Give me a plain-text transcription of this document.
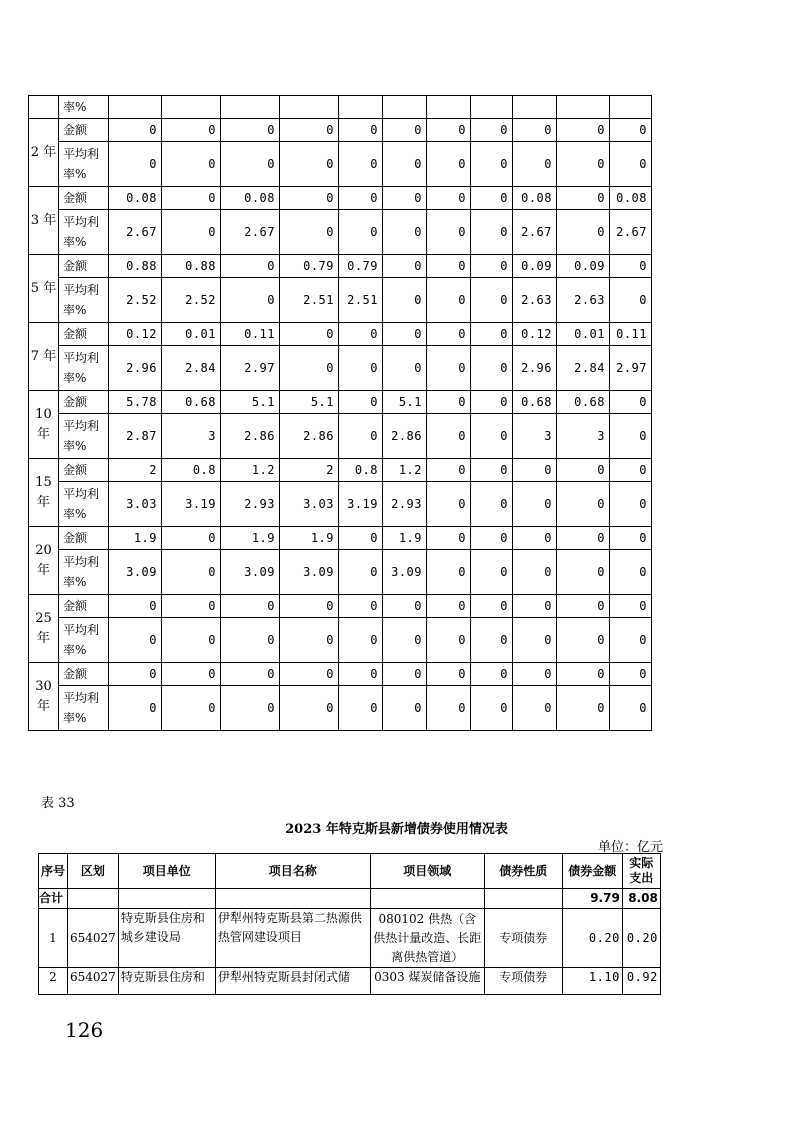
	率%											
2 年	金额	0	0	0	0	0	0	0	0	0	0	0
	平均利率%	0	0	0	0	0	0	0	0	0	0	0
3 年	金额	0.08	0	0.08	0	0	0	0	0	0.08	0	0.08
	平均利率%	2.67	0	2.67	0	0	0	0	0	2.67	0	2.67
5 年	金额	0.88	0.88	0	0.79	0.79	0	0	0	0.09	0.09	0
	平均利率%	2.52	2.52	0	2.51	2.51	0	0	0	2.63	2.63	0
7 年	金额	0.12	0.01	0.11	0	0	0	0	0	0.12	0.01	0.11
	平均利率%	2.96	2.84	2.97	0	0	0	0	0	2.96	2.84	2.97
10 年	金额	5.78	0.68	5.1	5.1	0	5.1	0	0	0.68	0.68	0
	平均利率%	2.87	3	2.86	2.86	0	2.86	0	0	3	3	0
15 年	金额	2	0.8	1.2	2	0.8	1.2	0	0	0	0	0
	平均利率%	3.03	3.19	2.93	3.03	3.19	2.93	0	0	0	0	0
20 年	金额	1.9	0	1.9	1.9	0	1.9	0	0	0	0	0
	平均利率%	3.09	0	3.09	3.09	0	3.09	0	0	0	0	0
25 年	金额	0	0	0	0	0	0	0	0	0	0	0
	平均利率%	0	0	0	0	0	0	0	0	0	0	0
30 年	金额	0	0	0	0	0	0	0	0	0	0	0
	平均利率%	0	0	0	0	0	0	0	0	0	0	0
表 33
2023 年特克斯县新增债券使用情况表
单位：亿元
序号	区划	项目单位	项目名称	项目领域	债券性质	债券金额	实际支出
合计						9.79	8.08
1	654027	特克斯县住房和城乡建设局	伊犁州特克斯县第二热源供热管网建设项目	080102 供热（含供热计量改造、长距离供热管道）	专项债券	0.20	0.20
2	654027	特克斯县住房和	伊犁州特克斯县封闭式储	0303 煤炭储备设施	专项债券	1.10	0.92
126
